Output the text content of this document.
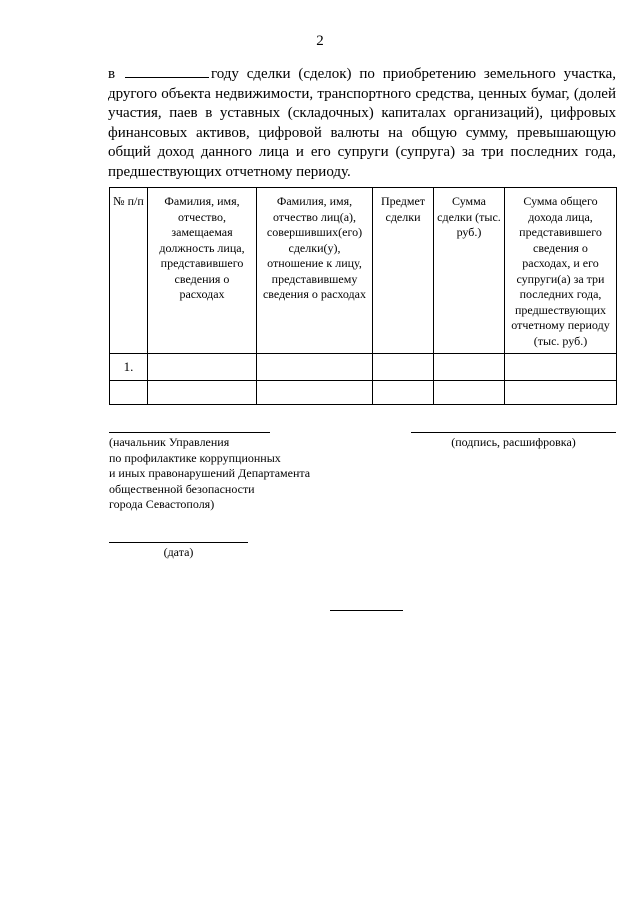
2
в	году сделки (сделок) по приобретению земельного участка, другого объекта недвижимости, транспортного средства, ценных бумаг, (долей участия, паев в уставных (складочных) капиталах организаций), цифровых финансовых активов, цифровой валюты на общую сумму, превышающую общий доход данного лица и его супруги (супруга) за три последних года, предшествующих отчетному периоду.
№ п/п	Фамилия, имя, отчество, замещаемая должность лица, представившего сведения о расходах	Фамилия, имя, отчество лиц(а), совершивших(его) сделки(у), отношение к лицу, представившему сведения о расходах	Предмет сделки	Сумма сделки (тыс. руб.)	Сумма общего дохода лица, представившего сведения о расходах, и его супруги(а) за три последних года, предшествующих отчетному периоду (тыс. руб.)
1.					

(начальник Управления
по профилактике коррупционных
и иных правонарушений Департамента
общественной безопасности
города Севастополя)
(подпись, расшифровка)
(дата)
